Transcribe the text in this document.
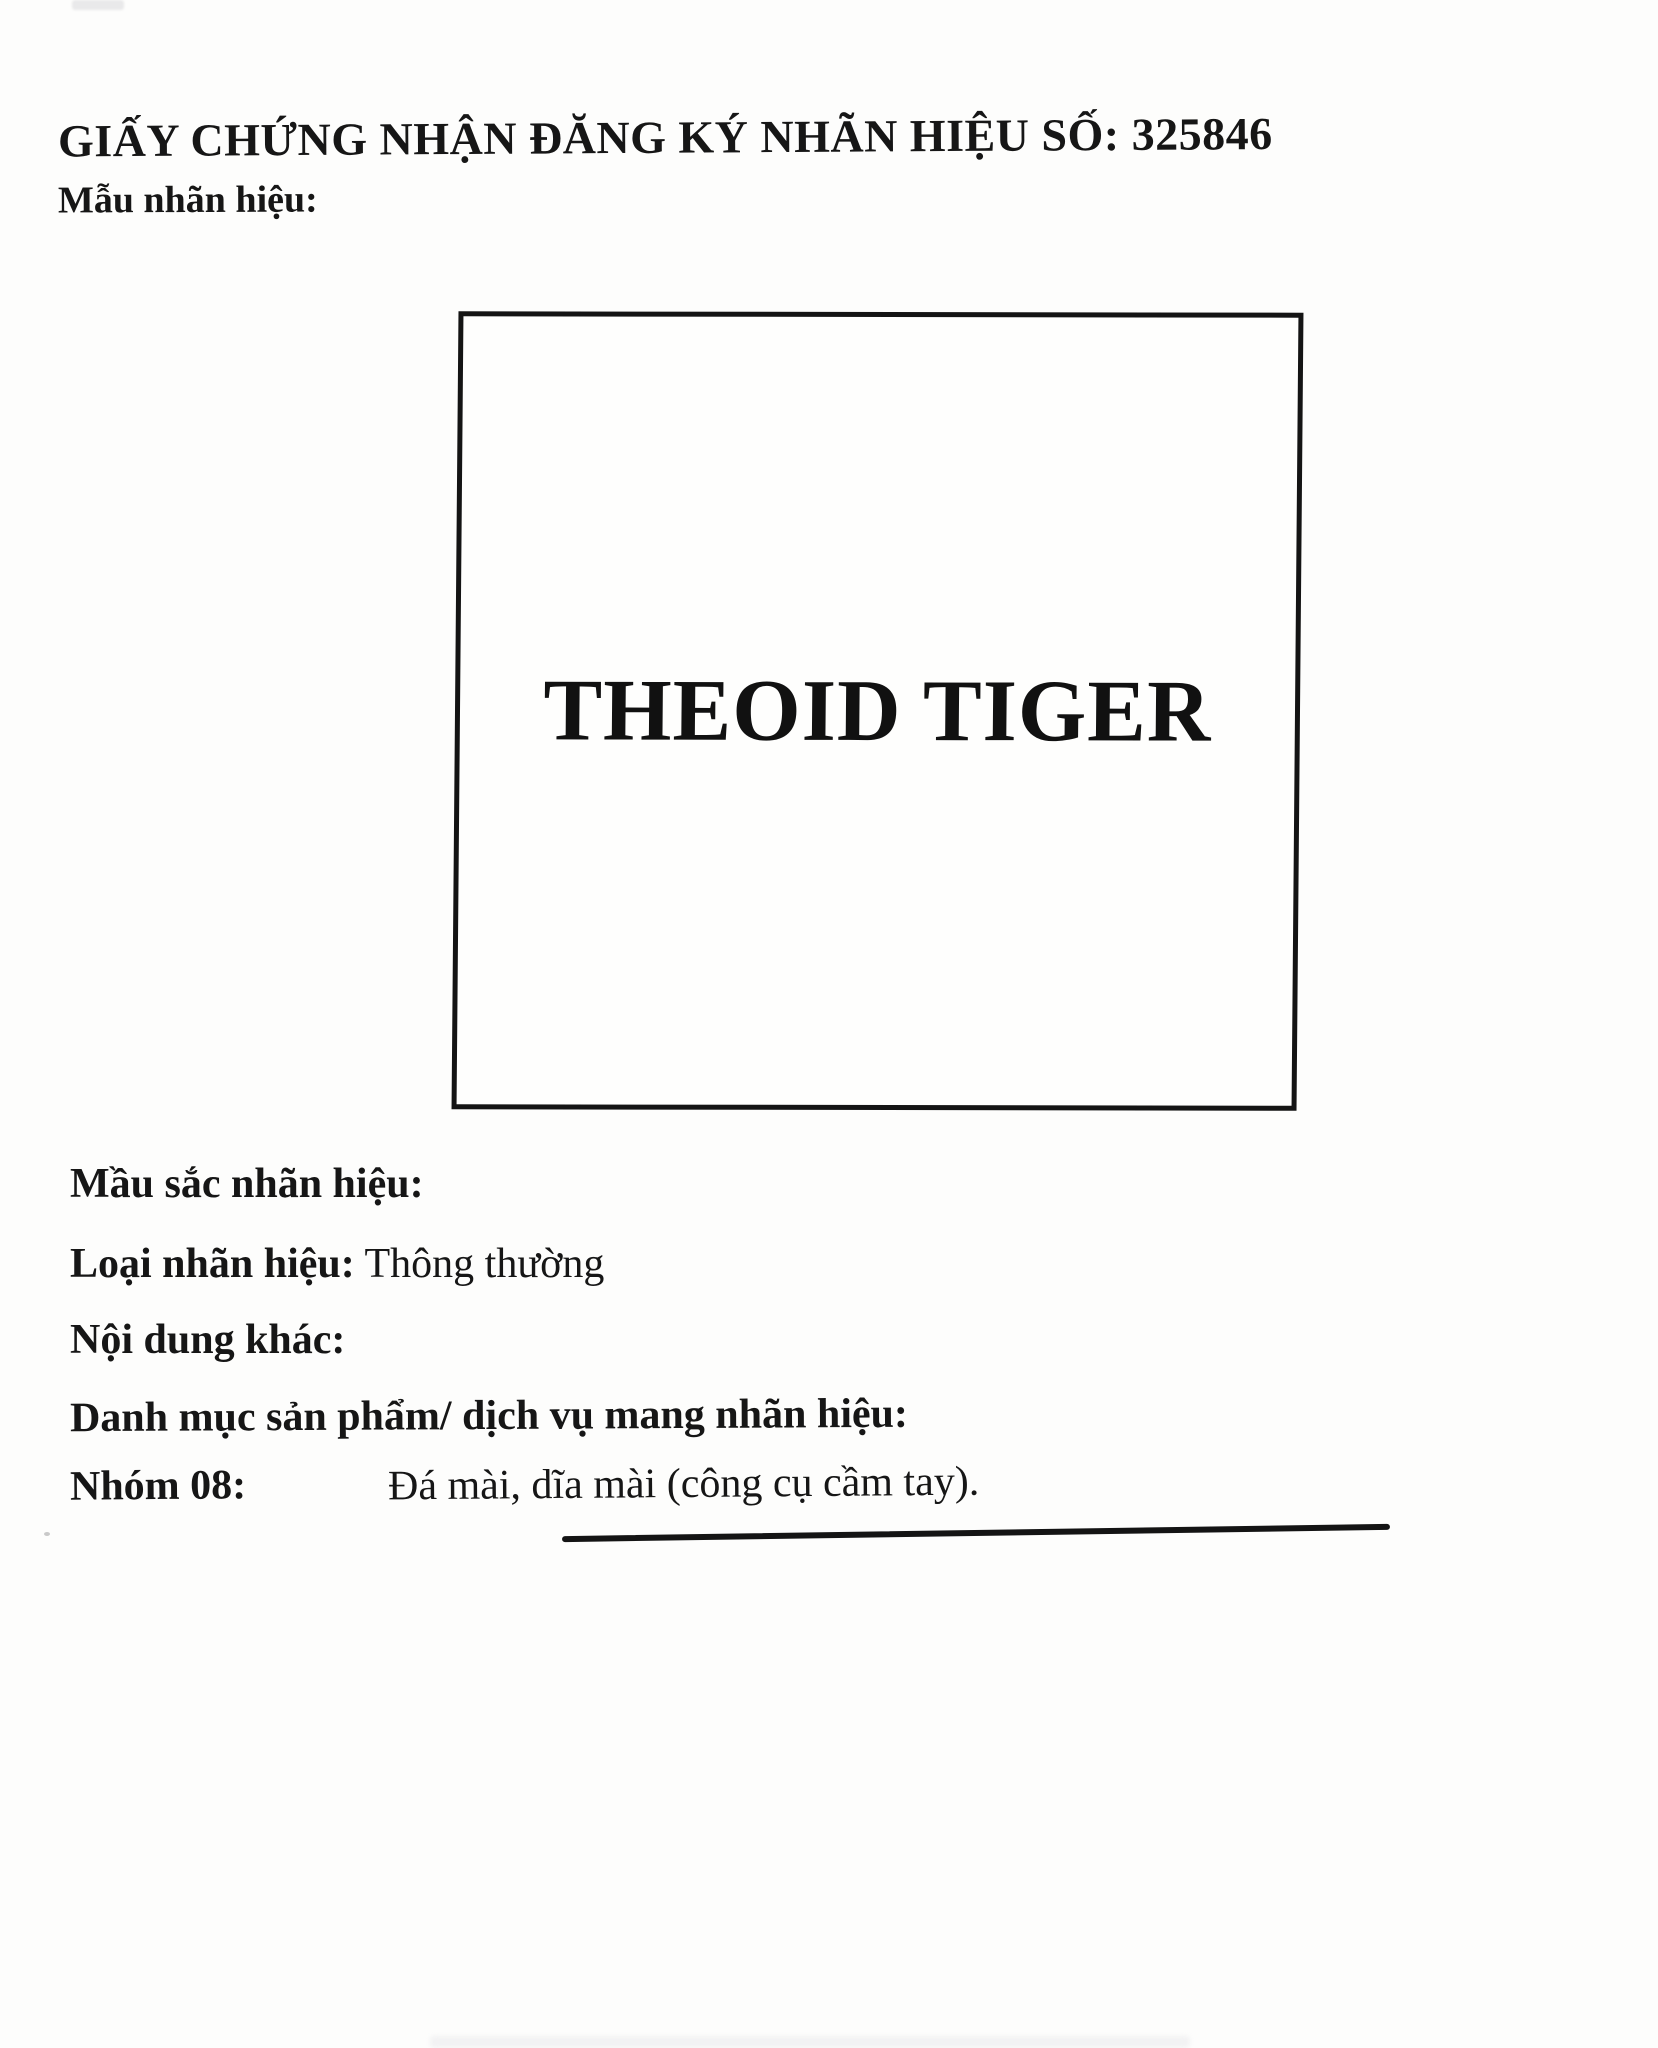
GIẤY CHỨNG NHẬN ĐĂNG KÝ NHÃN HIỆU SỐ: 325846
Mẫu nhãn hiệu:
THEOID TIGER
Mầu sắc nhãn hiệu:
Loại nhãn hiệu: Thông thường
Nội dung khác:
Danh mục sản phẩm/ dịch vụ mang nhãn hiệu:
Nhóm 08:	Đá mài, dĩa mài (công cụ cầm tay).
